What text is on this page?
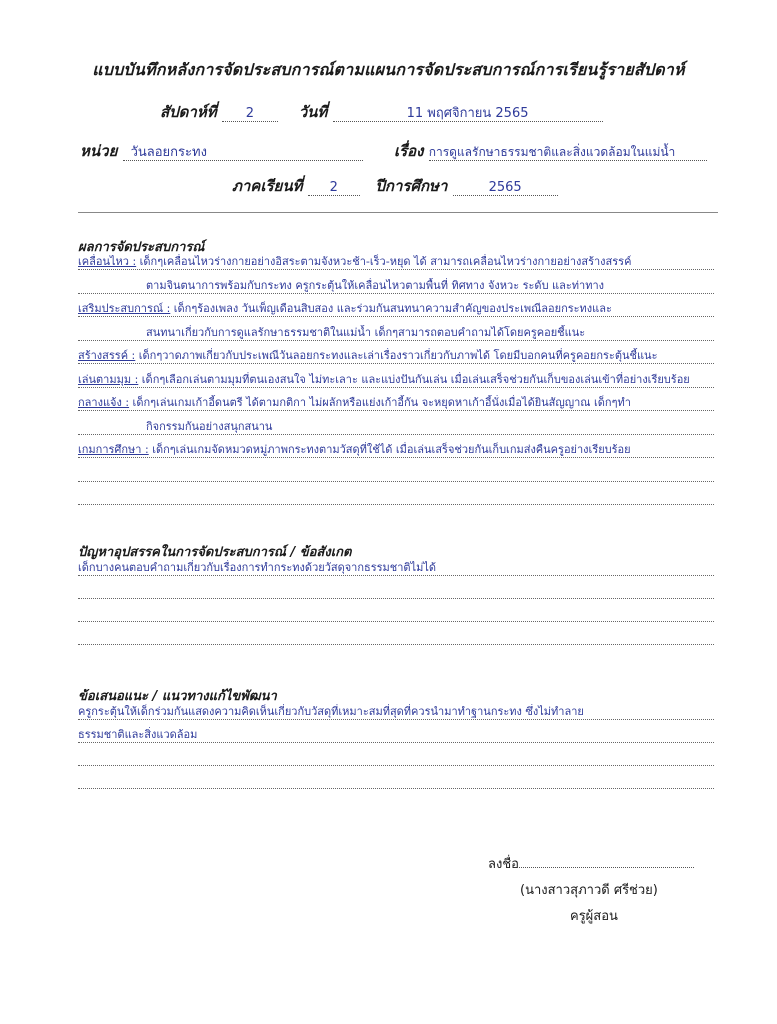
แบบบันทึกหลังการจัดประสบการณ์ตามแผนการจัดประสบการณ์การเรียนรู้รายสัปดาห์
สัปดาห์ที่ 2	วันที่	11 พฤศจิกายน 2565
หน่วย วันลอยกระทง	เรื่อง การดูแลรักษาธรรมชาติและสิ่งแวดล้อมในแม่น้ำ
ภาคเรียนที่ 2	ปีการศึกษา	2565
ผลการจัดประสบการณ์
เคลื่อนไหว : เด็กๆเคลื่อนไหวร่างกายอย่างอิสระตามจังหวะช้า-เร็ว-หยุด ได้ สามารถเคลื่อนไหวร่างกายอย่างสร้างสรรค์
ตามจินตนาการพร้อมกับกระทง ครูกระตุ้นให้เคลื่อนไหวตามพื้นที่ ทิศทาง จังหวะ ระดับ และท่าทาง
เสริมประสบการณ์ : เด็กๆร้องเพลง วันเพ็ญเดือนสิบสอง และร่วมกันสนทนาความสำคัญของประเพณีลอยกระทงและ
สนทนาเกี่ยวกับการดูแลรักษาธรรมชาติในแม่น้ำ เด็กๆสามารถตอบคำถามได้โดยครูคอยชี้แนะ
สร้างสรรค์ : เด็กๆวาดภาพเกี่ยวกับประเพณีวันลอยกระทงและเล่าเรื่องราวเกี่ยวกับภาพได้ โดยมีบอกคนที่ครูคอยกระตุ้นชี้แนะ
เล่นตามมุม : เด็กๆเลือกเล่นตามมุมที่ตนเองสนใจ ไม่ทะเลาะ และแบ่งปันกันเล่น เมื่อเล่นเสร็จช่วยกันเก็บของเล่นเข้าที่อย่างเรียบร้อย
กลางแจ้ง : เด็กๆเล่นเกมเก้าอี้ดนตรี ได้ตามกติกา ไม่ผลักหรือแย่งเก้าอี้กัน จะหยุดหาเก้าอี้นั่งเมื่อได้ยินสัญญาณ เด็กๆทำ
กิจกรรมกันอย่างสนุกสนาน
เกมการศึกษา : เด็กๆเล่นเกมจัดหมวดหมู่ภาพกระทงตามวัสดุที่ใช้ได้ เมื่อเล่นเสร็จช่วยกันเก็บเกมส่งคืนครูอย่างเรียบร้อย
ปัญหาอุปสรรคในการจัดประสบการณ์ / ข้อสังเกต
เด็กบางคนตอบคำถามเกี่ยวกับเรื่องการทำกระทงด้วยวัสดุจากธรรมชาติไม่ได้
ข้อเสนอแนะ / แนวทางแก้ไขพัฒนา
ครูกระตุ้นให้เด็กร่วมกันแสดงความคิดเห็นเกี่ยวกับวัสดุที่เหมาะสมที่สุดที่ควรนำมาทำฐานกระทง ซึ่งไม่ทำลาย
ธรรมชาติและสิ่งแวดล้อม
ลงชื่อ
(นางสาวสุภาวดี ศรีช่วย)
ครูผู้สอน
